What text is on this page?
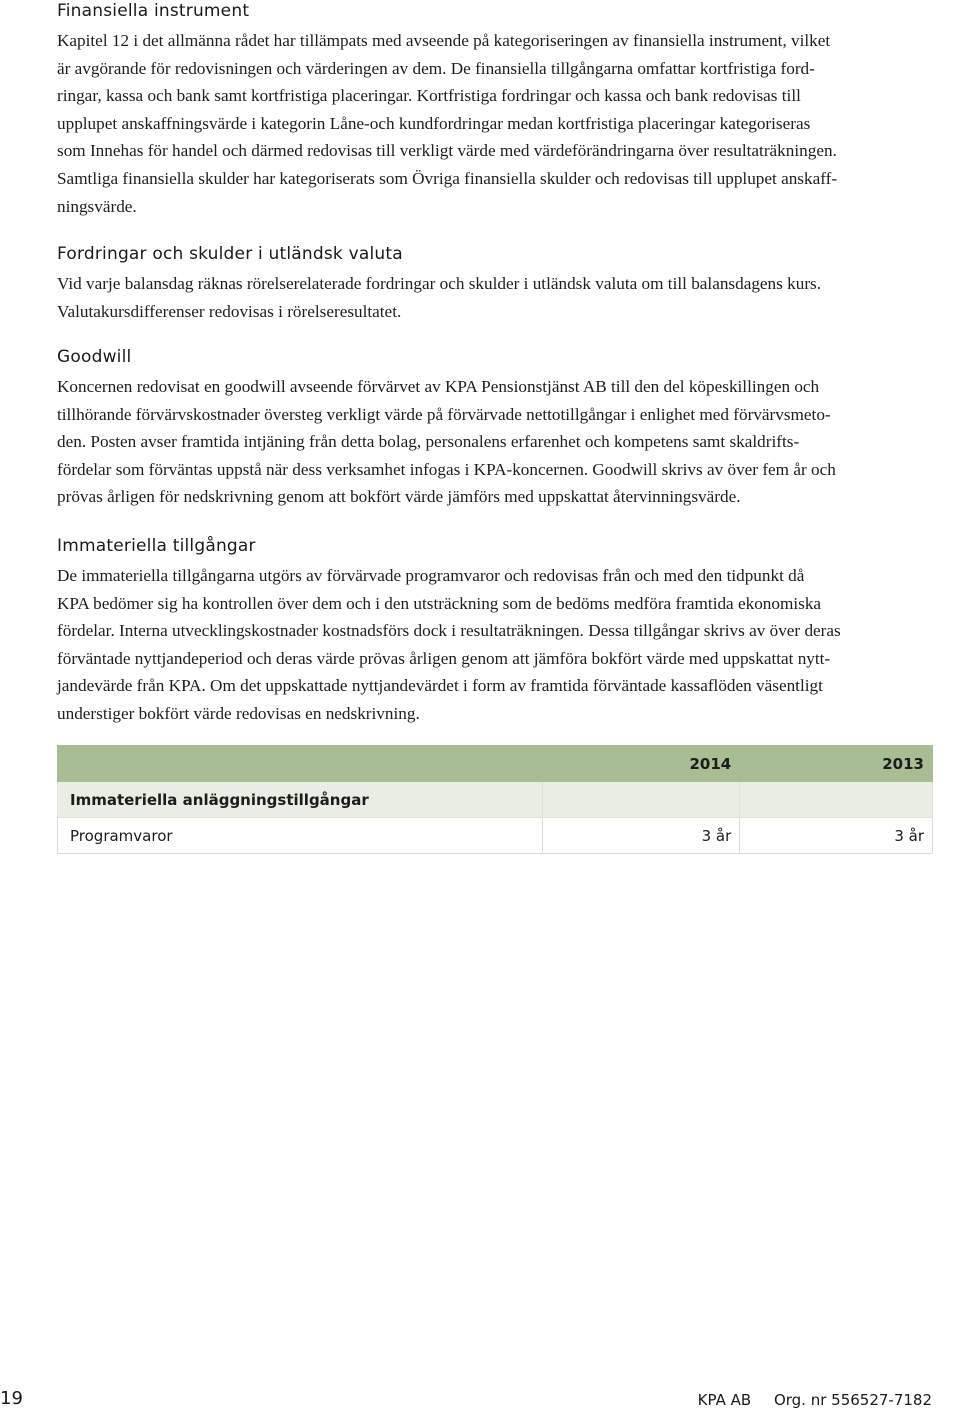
Finansiella instrument

Kapitel 12 i det allmänna rådet har tillämpats med avseende på kategoriseringen av finansiella instrument, vilket
är avgörande för redovisningen och värderingen av dem. De finansiella tillgångarna omfattar kortfristiga ford-
ringar, kassa och bank samt kortfristiga placeringar. Kortfristiga fordringar och kassa och bank redovisas till
upplupet anskaffningsvärde i kategorin Låne-och kundfordringar medan kortfristiga placeringar kategoriseras
som Innehas för handel och därmed redovisas till verkligt värde med värdeförändringarna över resultaträkningen.
Samtliga finansiella skulder har kategoriserats som Övriga finansiella skulder och redovisas till upplupet anskaff-
ningsvärde.

Fordringar och skulder i utländsk valuta

Vid varje balansdag räknas rörelserelaterade fordringar och skulder i utländsk valuta om till balansdagens kurs.
Valutakursdifferenser redovisas i rörelseresultatet.

Goodwill

Koncernen redovisat en goodwill avseende förvärvet av KPA Pensionstjänst AB till den del köpeskillingen och
tillhörande förvärvskostnader översteg verkligt värde på förvärvade nettotillgångar i enlighet med förvärvsmeto-
den. Posten avser framtida intjäning från detta bolag, personalens erfarenhet och kompetens samt skaldrifts-
fördelar som förväntas uppstå när dess verksamhet infogas i KPA-koncernen. Goodwill skrivs av över fem år och
prövas årligen för nedskrivning genom att bokfört värde jämförs med uppskattat återvinningsvärde.

Immateriella tillgångar

De immateriella tillgångarna utgörs av förvärvade programvaror och redovisas från och med den tidpunkt då
KPA bedömer sig ha kontrollen över dem och i den utsträckning som de bedöms medföra framtida ekonomiska
fördelar. Interna utvecklingskostnader kostnadsförs dock i resultaträkningen. Dessa tillgångar skrivs av över deras
förväntade nyttjandeperiod och deras värde prövas årligen genom att jämföra bokfört värde med uppskattat nytt-
jandevärde från KPA. Om det uppskattade nyttjandevärdet i form av framtida förväntade kassaflöden väsentligt
understiger bokfört värde redovisas en nedskrivning.

	2014	2013
Immateriella anläggningstillgångar		
Programvaror	3 år	3 år
19	KPA AB Org. nr 556527-7182
